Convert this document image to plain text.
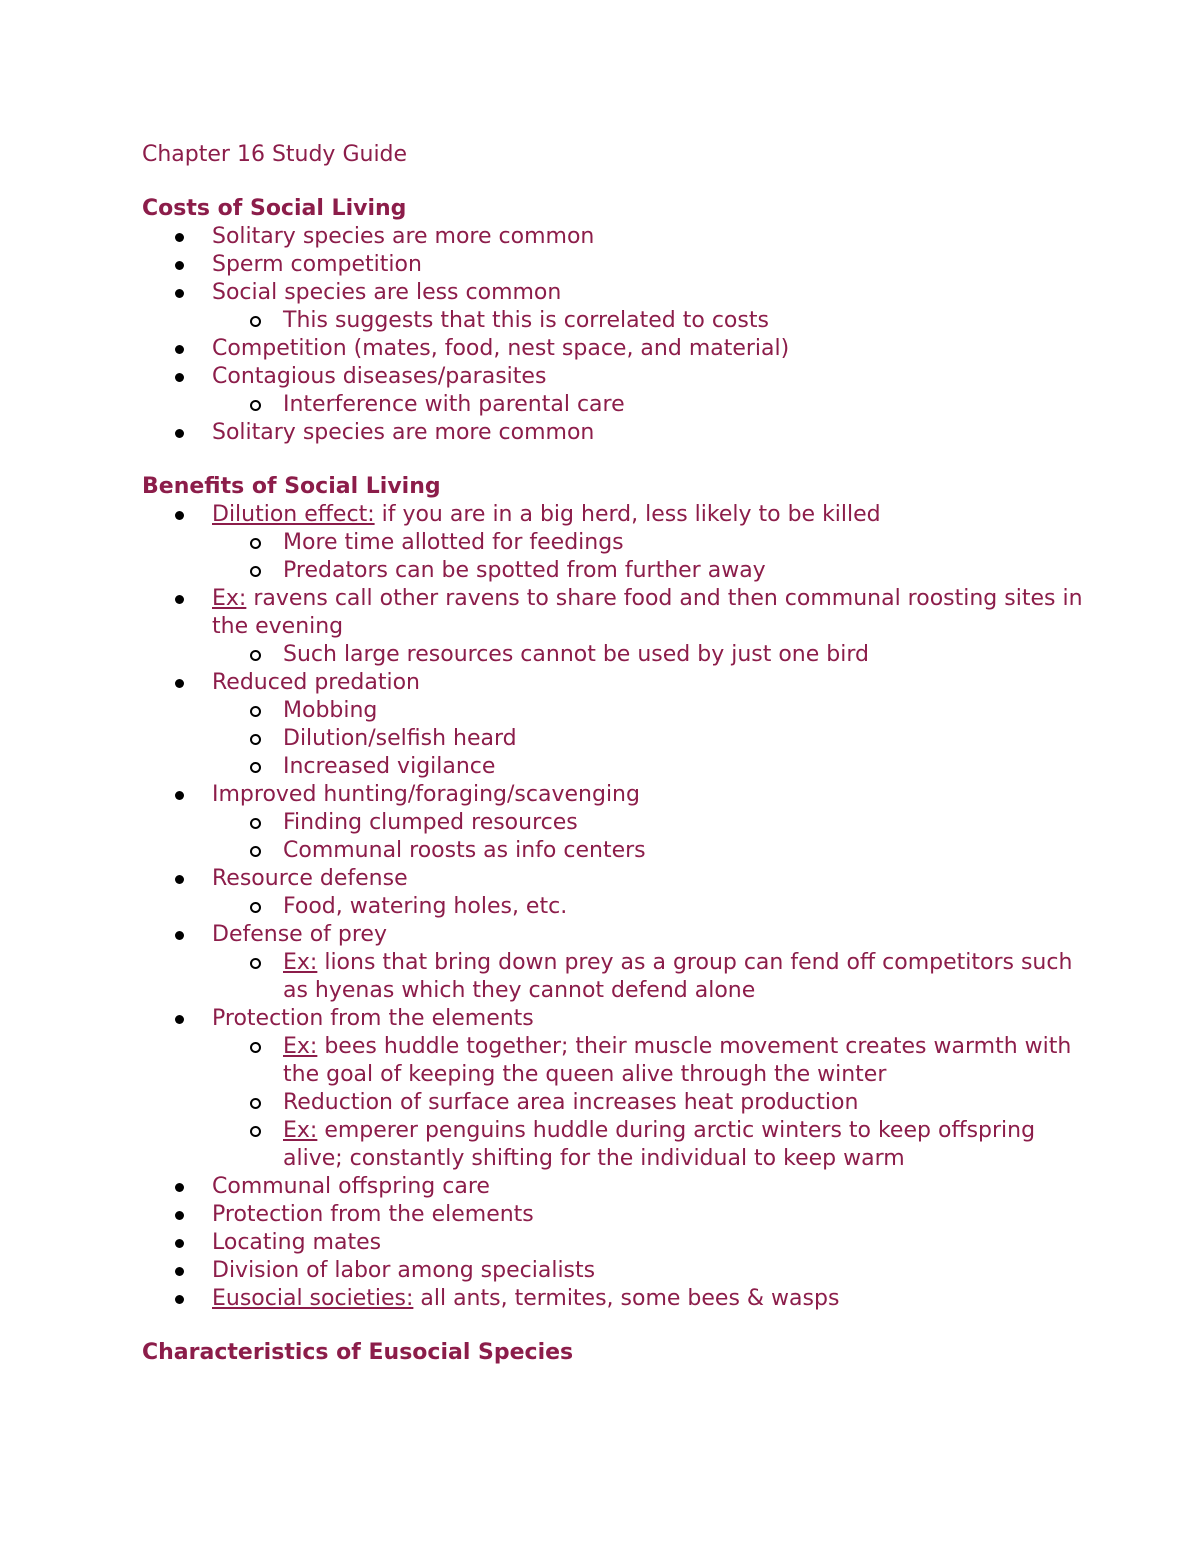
Chapter 16 Study Guide
Costs of Social Living
Solitary species are more common
Sperm competition
Social species are less common
This suggests that this is correlated to costs
Competition (mates, food, nest space, and material)
Contagious diseases/parasites
Interference with parental care
Solitary species are more common
Benefits of Social Living
Dilution effect: if you are in a big herd, less likely to be killed
More time allotted for feedings
Predators can be spotted from further away
Ex: ravens call other ravens to share food and then communal roosting sites in the evening
Such large resources cannot be used by just one bird
Reduced predation
Mobbing
Dilution/selfish heard
Increased vigilance
Improved hunting/foraging/scavenging
Finding clumped resources
Communal roosts as info centers
Resource defense
Food, watering holes, etc.
Defense of prey
Ex: lions that bring down prey as a group can fend off competitors such as hyenas which they cannot defend alone
Protection from the elements
Ex: bees huddle together; their muscle movement creates warmth with the goal of keeping the queen alive through the winter
Reduction of surface area increases heat production
Ex: emperer penguins huddle during arctic winters to keep offspring alive; constantly shifting for the individual to keep warm
Communal offspring care
Protection from the elements
Locating mates
Division of labor among specialists
Eusocial societies: all ants, termites, some bees & wasps
Characteristics of Eusocial Species
